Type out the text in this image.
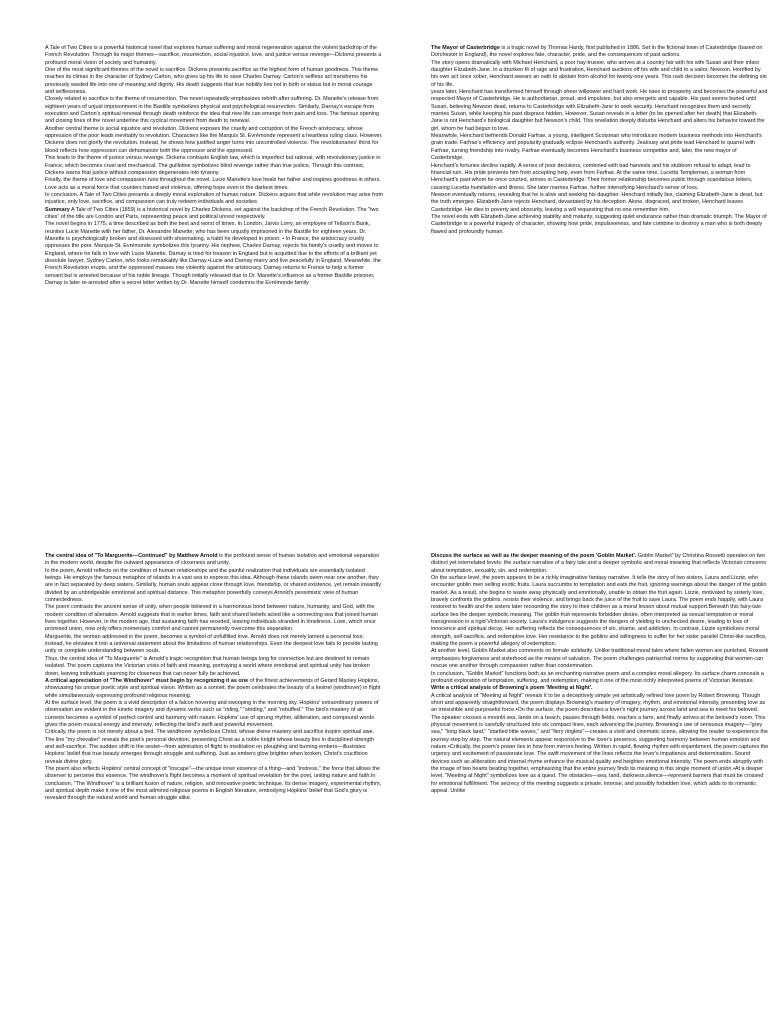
A Tale of Two Cities is a powerful historical novel that explores human suffering and moral regeneration against the violent backdrop of the French Revolution. Through its major themes—sacrifice, resurrection, social injustice, love, and justice versus revenge—Dickens presents a profound moral vision of society and humanity.

One of the most significant themes of the novel is sacrifice. Dickens presents sacrifice as the highest form of human goodness. This theme reaches its climax in the character of Sydney Carton, who gives up his life to save Charles Darnay. Carton's selfless act transforms his previously wasted life into one of meaning and dignity. His death suggests that true nobility lies not in birth or status but in moral courage and selflessness.

Closely related to sacrifice is the theme of resurrection. The novel repeatedly emphasizes rebirth after suffering. Dr. Manette's release from eighteen years of unjust imprisonment in the Bastille symbolizes physical and psychological resurrection. Similarly, Darnay's escape from execution and Carton's spiritual renewal through death reinforce the idea that new life can emerge from pain and loss. The famous opening and closing lines of the novel underline this cyclical movement from death to renewal.

Another central theme is social injustice and revolution. Dickens exposes the cruelty and corruption of the French aristocracy, whose oppression of the poor leads inevitably to revolution. Characters like the Marquis St. Evrémonde represent a heartless ruling class. However, Dickens does not glorify the revolution. Instead, he shows how justified anger turns into uncontrolled violence. The revolutionaries' thirst for blood reflects how oppression can dehumanize both the oppressor and the oppressed.

This leads to the theme of justice versus revenge. Dickens contrasts English law, which is imperfect but rational, with revolutionary justice in France, which becomes cruel and mechanical. The guillotine symbolizes blind revenge rather than true justice. Through this contrast, Dickens warns that justice without compassion degenerates into tyranny.

Finally, the theme of love and compassion runs throughout the novel. Lucie Manette's love heals her father and inspires goodness in others. Love acts as a moral force that counters hatred and violence, offering hope even in the darkest times.

In conclusion, A Tale of Two Cities presents a deeply moral exploration of human nature. Dickens argues that while revolution may arise from injustice, only love, sacrifice, and compassion can truly redeem individuals and societies.

Summary A Tale of Two Cities (1859) is a historical novel by Charles Dickens, set against the backdrop of the French Revolution. The "two cities" of the title are London and Paris, representing peace and political unrest respectively.

The novel begins in 1775, a time described as both the best and worst of times. In London, Jarvis Lorry, an employee of Tellson's Bank, reunites Lucie Manette with her father, Dr. Alexandre Manette, who has been unjustly imprisoned in the Bastille for eighteen years. Dr. Manette is psychologically broken and obsessed with shoemaking, a habit he developed in prison. • In France, the aristocracy cruelly oppresses the poor. Marquis St. Evrémonde symbolizes this tyranny. His nephew, Charles Darnay, rejects his family's cruelty and moves to England, where he falls in love with Lucie Manette. Darnay is tried for treason in England but is acquitted due to the efforts of a brilliant yet dissolute lawyer, Sydney Carton, who looks remarkably like Darnay.•Lucie and Darnay marry and live peacefully in England. Meanwhile, the French Revolution erupts, and the oppressed masses rise violently against the aristocracy. Darnay returns to France to help a former servant but is arrested because of his noble lineage. Though initially released due to Dr. Manette's influence as a former Bastille prisoner, Darnay is later re-arrested after a secret letter written by Dr. Manette himself condemns the Evrémonde family

The Mayor of Casterbridge is a tragic novel by Thomas Hardy, first published in 1886. Set in the fictional town of Casterbridge (based on Dorchester in England), the novel explores fate, character, pride, and the consequences of past actions.

The story opens dramatically with Michael Henchard, a poor hay-trusser, who arrives at a country fair with his wife Susan and their infant daughter Elizabeth-Jane. In a drunken fit of rage and frustration, Henchard auctions off his wife and child to a sailor, Newson. Horrified by his own act once sober, Henchard swears an oath to abstain from alcohol for twenty-one years. This rash decision becomes the defining sin of his life.

years later, Henchard has transformed himself through sheer willpower and hard work. He rises to prosperity and becomes the powerful and respected Mayor of Casterbridge. He is authoritarian, proud, and impulsive, but also energetic and capable. His past seems buried until Susan, believing Newson dead, returns to Casterbridge with Elizabeth-Jane to seek security. Henchard recognizes them and secretly marries Susan, while keeping his past disgrace hidden. However, Susan reveals in a letter (to be opened after her death) that Elizabeth-Jane is not Henchard's biological daughter but Newson's child. This revelation deeply disturbs Henchard and alters his behavior toward the girl, whom he had begun to love.

Meanwhile, Henchard befriends Donald Farfrae, a young, intelligent Scotsman who introduces modern business methods into Henchard's grain trade. Farfrae's efficiency and popularity gradually eclipse Henchard's authority. Jealousy and pride lead Henchard to quarrel with Farfrae, turning friendship into rivalry. Farfrae eventually becomes Henchard's business competitor and, later, the new mayor of Casterbridge.

Henchard's fortunes decline rapidly. A series of poor decisions, combined with bad harvests and his stubborn refusal to adapt, lead to financial ruin. His pride prevents him from accepting help, even from Farfrae. At the same time, Lucetta Templeman, a woman from Henchard's past whom he once courted, arrives in Casterbridge. Their former relationship becomes public through scandalous letters, causing Lucetta humiliation and illness. She later marries Farfrae, further intensifying Henchard's sense of loss.

Newson eventually returns, revealing that he is alive and seeking his daughter. Henchard initially lies, claiming Elizabeth-Jane is dead, but the truth emerges. Elizabeth-Jane rejects Henchard, devastated by his deception. Alone, disgraced, and broken, Henchard leaves Casterbridge. He dies in poverty and obscurity, leaving a will requesting that no one remember him.

The novel ends with Elizabeth-Jane achieving stability and maturity, suggesting quiet endurance rather than dramatic triumph. The Mayor of Casterbridge is a powerful tragedy of character, showing how pride, impulsiveness, and fate combine to destroy a man who is both deeply flawed and profoundly human.

The central idea of "To Marguerite—Continued" by Matthew Arnold is the profound sense of human isolation and emotional separation in the modern world, despite the outward appearance of closeness and unity.

In the poem, Arnold reflects on the condition of human relationships and the painful realization that individuals are essentially isolated beings. He employs the famous metaphor of islands in a vast sea to express this idea. Although these islands seem near one another, they are in fact separated by deep waters. Similarly, human souls appear close through love, friendship, or shared existence, yet remain inwardly divided by an unbridgeable emotional and spiritual distance. This metaphor powerfully conveys Arnold's pessimistic view of human connectedness.

The poem contrasts the ancient sense of unity, when people believed in a harmonious bond between nature, humanity, and God, with the modern condition of alienation. Arnold suggests that in earlier times, faith and shared beliefs acted like a connecting sea that joined human lives together. However, in the modern age, that sustaining faith has receded, leaving individuals stranded in loneliness. Love, which once promised union, now only offers momentary comfort and cannot permanently overcome this separation.

Marguerite, the woman addressed in the poem, becomes a symbol of unfulfilled love. Arnold does not merely lament a personal loss; instead, he elevates it into a universal statement about the limitations of human relationships. Even the deepest love fails to provide lasting unity or complete understanding between souls.

Thus, the central idea of "To Marguerite" is Arnold's tragic recognition that human beings long for connection but are destined to remain isolated. The poem captures the Victorian crisis of faith and meaning, portraying a world where emotional and spiritual unity has broken down, leaving individuals yearning for closeness that can never fully be achieved.

A critical appreciation of "The Windhover" must begin by recognizing it as one of the finest achievements of Gerard Manley Hopkins, showcasing his unique poetic style and spiritual vision. Written as a sonnet, the poem celebrates the beauty of a kestrel (windhover) in flight while simultaneously expressing profound religious meaning.

At the surface level, the poem is a vivid description of a falcon hovering and swooping in the morning sky. Hopkins' extraordinary powers of observation are evident in the kinetic imagery and dynamic verbs such as "riding," "striding," and "rebuffed." The bird's mastery of air currents becomes a symbol of perfect control and harmony with nature. Hopkins' use of sprung rhythm, alliteration, and compound words gives the poem musical energy and intensity, reflecting the bird's swift and powerful movement.

Critically, the poem is not merely about a bird. The windhover symbolizes Christ, whose divine mastery and sacrifice inspire spiritual awe. The line "my chevalier" reveals the poet's personal devotion, presenting Christ as a noble knight whose beauty lies in disciplined strength and self-sacrifice. The sudden shift in the sestet—from admiration of flight to meditation on ploughing and burning embers—illustrates Hopkins' belief that true beauty emerges through struggle and suffering. Just as embers glow brighter when broken, Christ's crucifixion reveals divine glory.

The poem also reflects Hopkins' central concept of "inscape"—the unique inner essence of a thing—and "instress," the force that allows the observer to perceive this essence. The windhover's flight becomes a moment of spiritual revelation for the poet, uniting nature and faith.In conclusion, "The Windhover" is a brilliant fusion of nature, religion, and innovative poetic technique. Its dense imagery, experimental rhythm, and spiritual depth make it one of the most admired religious poems in English literature, embodying Hopkins' belief that God's glory is revealed through the natural world and human struggle alike.

Discuss the surface as well as the deeper meaning of the poem 'Goblin Market'. Goblin Market" by Christina Rossetti operates on two distinct yet interrelated levels: the surface narrative of a fairy tale and a deeper symbolic and moral meaning that reflects Victorian concerns about temptation, sexuality, sin, and redemption.

On the surface level, the poem appears to be a richly imaginative fantasy narrative. It tells the story of two sisters, Laura and Lizzie, who encounter goblin men selling exotic fruits. Laura succumbs to temptation and eats the fruit, ignoring warnings about the danger of the goblin market. As a result, she begins to waste away physically and emotionally, unable to obtain the fruit again. Lizzie, motivated by sisterly love, bravely confronts the goblins, resists their violence, and brings back the juice of the fruit to save Laura. The poem ends happily, with Laura restored to health and the sisters later recounting the story to their children as a moral lesson about mutual support.Beneath this fairy-tale surface lies the deeper symbolic meaning. The goblin fruit represents forbidden desire, often interpreted as sexual temptation or moral transgression in a rigid Victorian society. Laura's indulgence suggests the dangers of yielding to unchecked desire, leading to loss of innocence and spiritual decay. Her suffering reflects the consequences of sin, shame, and addiction. In contrast, Lizzie symbolizes moral strength, self-sacrifice, and redemptive love. Her resistance to the goblins and willingness to suffer for her sister parallel Christ-like sacrifice, making the poem a powerful allegory of redemption.

At another level, Goblin Market also comments on female solidarity. Unlike traditional moral tales where fallen women are punished, Rossetti emphasizes forgiveness and sisterhood as the means of salvation. The poem challenges patriarchal norms by suggesting that women can rescue one another through compassion rather than condemnation.

In conclusion, "Goblin Market" functions both as an enchanting narrative poem and a complex moral allegory. Its surface charm conceals a profound exploration of temptation, suffering, and redemption, making it one of the most richly interpreted poems of Victorian literature.

Write a critical analysis of Browning's poem 'Meeting at Night'.

A critical analysis of "Meeting at Night" reveals it to be a deceptively simple yet artistically refined love poem by Robert Browning. Though short and apparently straightforward, the poem displays Browning's mastery of imagery, rhythm, and emotional intensity, presenting love as an irresistible and purposeful force.•On the surface, the poem describes a lover's night journey across land and sea to meet his beloved. The speaker crosses a moonlit sea, lands on a beach, passes through fields, reaches a farm, and finally arrives at the beloved's room. This physical movement is carefully structured into six compact lines, each advancing the journey. Browning's use of sensuous imagery—"grey sea," "long black land," "startled little waves," and "fiery ringlets"—creates a vivid and cinematic scene, allowing the reader to experience the journey step by step. The natural elements appear responsive to the lover's presence, suggesting harmony between human emotion and nature.•Critically, the poem's power lies in how form mirrors feeling. Written in rapid, flowing rhythm with enjambment, the poem captures the urgency and excitement of passionate love. The swift movement of the lines reflects the lover's impatience and determination. Sound devices such as alliteration and internal rhyme enhance the musical quality and heighten emotional intensity. The poem ends abruptly with the image of two hearts beating together, emphasizing that the entire journey finds its meaning in this single moment of union.•At a deeper level, "Meeting at Night" symbolizes love as a quest. The obstacles—sea, land, darkness,silence—represent barriers that must be crossed for emotional fulfillment. The secrecy of the meeting suggests a private, intense, and possibly forbidden love, which adds to its romantic appeal. Unlike
